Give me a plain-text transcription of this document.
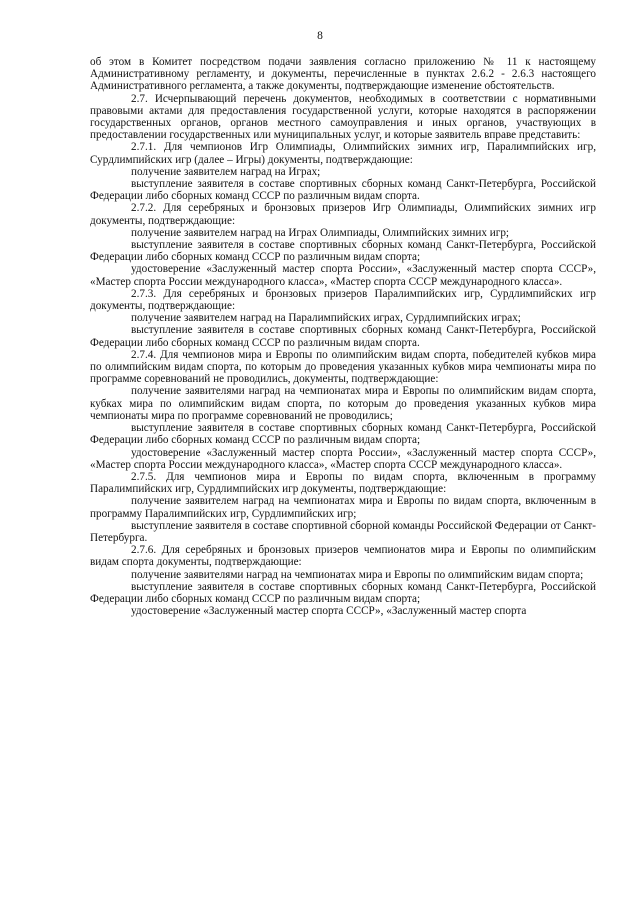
8

об этом в Комитет посредством подачи заявления согласно приложению № 11 к настоящему Административному регламенту, и документы, перечисленные в пунктах 2.6.2 - 2.6.3 настоящего Административного регламента, а также документы, подтверждающие изменение обстоятельств.

2.7. Исчерпывающий перечень документов, необходимых в соответствии с нормативными правовыми актами для предоставления государственной услуги, которые находятся в распоряжении государственных органов, органов местного самоуправления и иных органов, участвующих в предоставлении государственных или муниципальных услуг, и которые заявитель вправе представить:

2.7.1. Для чемпионов Игр Олимпиады, Олимпийских зимних игр, Паралимпийских игр, Сурдлимпийских игр (далее – Игры) документы, подтверждающие:

получение заявителем наград на Играх;

выступление заявителя в составе спортивных сборных команд Санкт-Петербурга, Российской Федерации либо сборных команд СССР по различным видам спорта.

2.7.2. Для серебряных и бронзовых призеров Игр Олимпиады, Олимпийских зимних игр документы, подтверждающие:

получение заявителем наград на Играх Олимпиады, Олимпийских зимних игр;

выступление заявителя в составе спортивных сборных команд Санкт-Петербурга, Российской Федерации либо сборных команд СССР по различным видам спорта;

удостоверение «Заслуженный мастер спорта России», «Заслуженный мастер спорта СССР», «Мастер спорта России международного класса», «Мастер спорта СССР международного класса».

2.7.3. Для серебряных и бронзовых призеров Паралимпийских игр, Сурдлимпийских игр документы, подтверждающие:

получение заявителем наград на Паралимпийских играх, Сурдлимпийских играх;

выступление заявителя в составе спортивных сборных команд Санкт-Петербурга, Российской Федерации либо сборных команд СССР по различным видам спорта.

2.7.4. Для чемпионов мира и Европы по олимпийским видам спорта, победителей кубков мира по олимпийским видам спорта, по которым до проведения указанных кубков мира чемпионаты мира по программе соревнований не проводились, документы, подтверждающие:

получение заявителями наград на чемпионатах мира и Европы по олимпийским видам спорта, кубках мира по олимпийским видам спорта, по которым до проведения указанных кубков мира чемпионаты мира по программе соревнований не проводились;

выступление заявителя в составе спортивных сборных команд Санкт-Петербурга, Российской Федерации либо сборных команд СССР по различным видам спорта;

удостоверение «Заслуженный мастер спорта России», «Заслуженный мастер спорта СССР», «Мастер спорта России международного класса», «Мастер спорта СССР международного класса».

2.7.5. Для чемпионов мира и Европы по видам спорта, включенным в программу Паралимпийских игр, Сурдлимпийских игр документы, подтверждающие:

получение заявителем наград на чемпионатах мира и Европы по видам спорта, включенным в программу Паралимпийских игр, Сурдлимпийских игр;

выступление заявителя в составе спортивной сборной команды Российской Федерации от Санкт-Петербурга.

2.7.6. Для серебряных и бронзовых призеров чемпионатов мира и Европы по олимпийским видам спорта документы, подтверждающие:

получение заявителями наград на чемпионатах мира и Европы по олимпийским видам спорта;

выступление заявителя в составе спортивных сборных команд Санкт-Петербурга, Российской Федерации либо сборных команд СССР по различным видам спорта;

удостоверение «Заслуженный мастер спорта СССР», «Заслуженный мастер спорта
